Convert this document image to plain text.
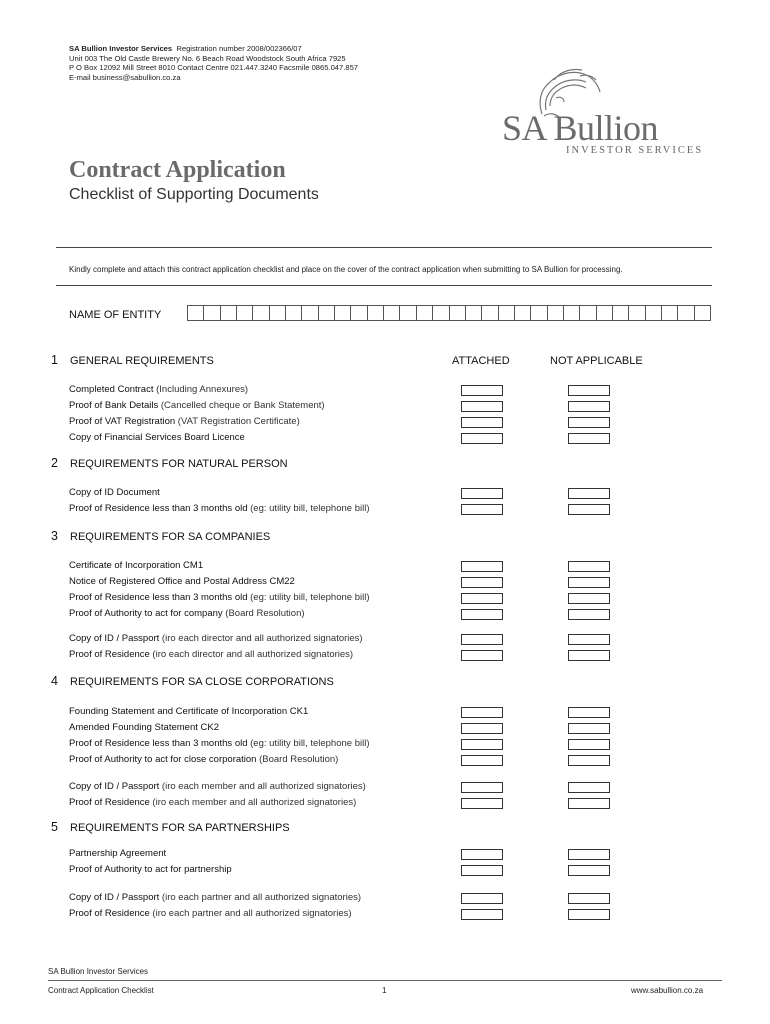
SA Bullion Investor Services Registration number 2008/002366/07
Unit 003 The Old Castle Brewery No. 6 Beach Road Woodstock South Africa 7925
P O Box 12092 Mill Street 8010 Contact Centre 021.447.3240 Facsmile 0865.047.857
E-mail business@sabullion.co.za
SA Bullion
INVESTOR SERVICES
Contract Application
Checklist of Supporting Documents
Kindly complete and attach this contract application checklist and place on the cover of the contract application when submitting to SA Bullion for processing.
NAME OF ENTITY
ATTACHED	NOT APPLICABLE
1 GENERAL REQUIREMENTS
Completed Contract (Including Annexures)
Proof of Bank Details (Cancelled cheque or Bank Statement)
Proof of VAT Registration (VAT Registration Certificate)
Copy of Financial Services Board Licence
2 REQUIREMENTS FOR NATURAL PERSON
Copy of ID Document
Proof of Residence less than 3 months old (eg: utility bill, telephone bill)
3 REQUIREMENTS FOR SA COMPANIES
Certificate of Incorporation CM1
Notice of Registered Office and Postal Address CM22
Proof of Residence less than 3 months old (eg: utility bill, telephone bill)
Proof of Authority to act for company (Board Resolution)
Copy of ID / Passport (iro each director and all authorized signatories)
Proof of Residence (iro each director and all authorized signatories)
4 REQUIREMENTS FOR SA CLOSE CORPORATIONS
Founding Statement and Certificate of Incorporation CK1
Amended Founding Statement CK2
Proof of Residence less than 3 months old (eg: utility bill, telephone bill)
Proof of Authority to act for close corporation (Board Resolution)
Copy of ID / Passport (iro each member and all authorized signatories)
Proof of Residence (iro each member and all authorized signatories)
5 REQUIREMENTS FOR SA PARTNERSHIPS
Partnership Agreement
Proof of Authority to act for partnership
Copy of ID / Passport (iro each partner and all authorized signatories)
Proof of Residence (iro each partner and all authorized signatories)
SA Bullion Investor Services
Contract Application Checklist	1	www.sabullion.co.za
